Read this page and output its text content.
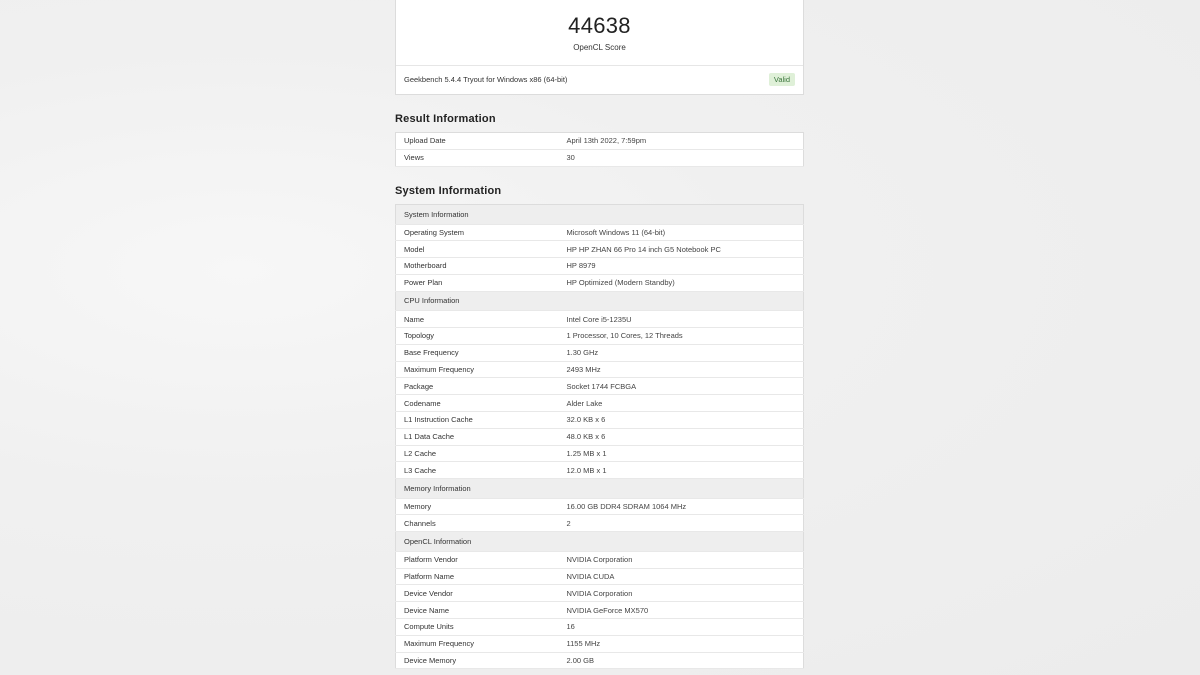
44638
OpenCL Score
Geekbench 5.4.4 Tryout for Windows x86 (64-bit)	Valid
Result Information
Upload Date	April 13th 2022, 7:59pm
Views	30
System Information
System Information	
Operating System	Microsoft Windows 11 (64-bit)
Model	HP HP ZHAN 66 Pro 14 inch G5 Notebook PC
Motherboard	HP 8979
Power Plan	HP Optimized (Modern Standby)
CPU Information	
Name	Intel Core i5-1235U
Topology	1 Processor, 10 Cores, 12 Threads
Base Frequency	1.30 GHz
Maximum Frequency	2493 MHz
Package	Socket 1744 FCBGA
Codename	Alder Lake
L1 Instruction Cache	32.0 KB x 6
L1 Data Cache	48.0 KB x 6
L2 Cache	1.25 MB x 1
L3 Cache	12.0 MB x 1
Memory Information	
Memory	16.00 GB DDR4 SDRAM 1064 MHz
Channels	2
OpenCL Information	
Platform Vendor	NVIDIA Corporation
Platform Name	NVIDIA CUDA
Device Vendor	NVIDIA Corporation
Device Name	NVIDIA GeForce MX570
Compute Units	16
Maximum Frequency	1155 MHz
Device Memory	2.00 GB
